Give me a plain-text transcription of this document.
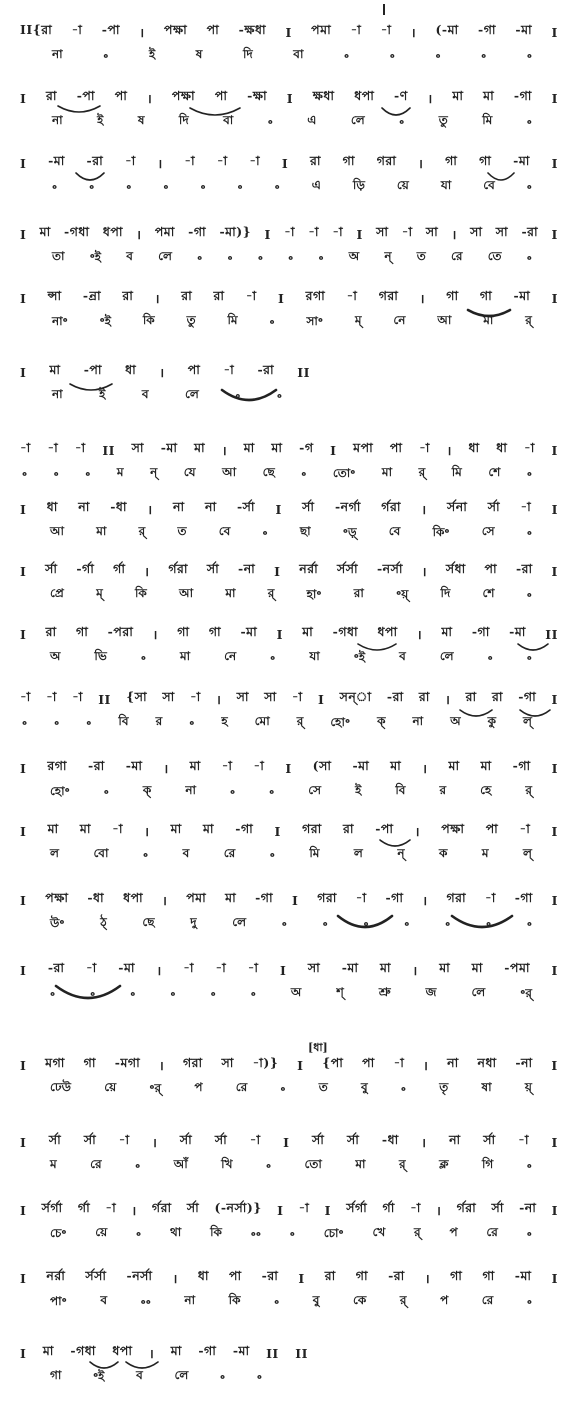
II{রা -া -পা । পক্ষা পা -ক্ষধা I পমা -া -া । (-মা -গা -মা I
না	॰	ই	ষ	দি	বা	॰	॰	॰	॰	॰
I রা -পা পা । পক্ষা পা -ক্ষা I ক্ষধা ধপা -ণ । মা মা -গা I
না	ই	ষ	দি	বা	॰	এ	লে	॰	তু	মি	॰
I -মা -রা -া । -া -া -া I রা গা গরা । গা গা -মা I
॰	॰	॰	॰	॰	॰	॰	এ	ড়ি	য়ে	যা	বে	॰
I মা -গধা ধপা । পমা -গা -মা)} I -া -া -া I সা -া সা । সা সা -রা I
তা ॰ই ব লে ॰ ॰ ॰ ॰ ॰ অ ন্ ত রে তে ॰
I ন্সা -ন্রা রা । রা রা -া I রগা -া গরা । গা গা -মা I
না॰	॰ই	কি	তু	মি	॰	সা॰	ম্	নে	আ	মা	র্
I মা -পা ধা । পা -া -রা II
না	ই	ব	লে	॰	॰
-া -া -া II সা -মা মা । মা মা -গ I মপা পা -া । ধা ধা -া I
॰ ॰ ॰ ম ন্ যে আ ছে ॰ তো॰ মা র্ মি শে ॰
I ধা না -ধা । না না -র্সা I র্সা -নর্গা র্গরা । র্সনা র্সা -া I
আ	মা	র্	ত	বে	॰	ছা	॰ড়্	বে	কি॰	সে	॰
I র্সা -র্গা র্গা । র্গরা র্সা -না I নর্রা র্সর্সা -নর্সা । র্সধা পা -রা I
প্রে	ম্	কি	আ	মা	র্	হা॰	রা	॰য়্	দি	শে	॰
I রা গা -পরা । গা গা -মা I মা -গধা ধপা । মা -গা -মা II
অ	ভি	॰	মা	নে	॰	যা	॰ই	ব	লে	॰	॰
-া -া -া II {সা সা -া । সা সা -া I সন্া -রা রা । রা রা -গা I
॰ ॰ ॰ বি র ॰ হ মো র্ হো॰ ক্ না অ কু ল্
I রগা -রা -মা । মা -া -া I (সা -মা মা । মা মা -গা I
হো॰	॰	ক্	না	॰	॰	সে	ই	বি	র	হে	র্
I মা মা -া । মা মা -গা I গরা রা -পা । পক্ষা পা -া I
ল	বো	॰	ব	রে	॰	মি	ল	ন্	ক	ম	ল্
I পক্ষা -ধা ধপা । পমা মা -গা I গরা -া -গা । গরা -া -গা I
উ॰	ঠ্	ছে	দু	লে	॰	॰	॰	॰	॰	॰	॰
I -রা -া -মা । -া -া -া I সা -মা মা । মা মা -পমা I
॰	॰	॰	॰	॰	॰	অ	শ্	শ্রু	জ	লে	॰র্
I মগা গা -মগা । গরা সা -া)} I {পা পা -া । না নধা -না I
ঢেউ	য়ে	॰র্	প	রে	॰	ত	বু	॰	তৃ	ষা	য়্
[ধা]
I র্সা র্সা -া । র্সা র্সা -া I র্সা র্সা -ধা । না র্সা -া I
ম	রে	॰	আঁ	খি	॰	তো	মা	র্	ক্ল	গি	॰
I র্সর্গা র্গা -া । র্গরা র্সা (-নর্সা)} I -া I র্সর্গা র্গা -া । র্গরা র্সা -না I
চে॰ য়ে ॰ থা কি ॰॰ ॰ চো॰ খে র্ প রে ॰
I নর্রা র্সর্সা -নর্সা । ধা পা -রা I রা গা -রা । গা গা -মা I
পা॰	ব	॰॰	না	কি	॰	বু	কে	র্	প	রে	॰
I মা -গধা ধপা । মা -গা -মা II II
গা	॰ই	ব	লে	॰	॰
